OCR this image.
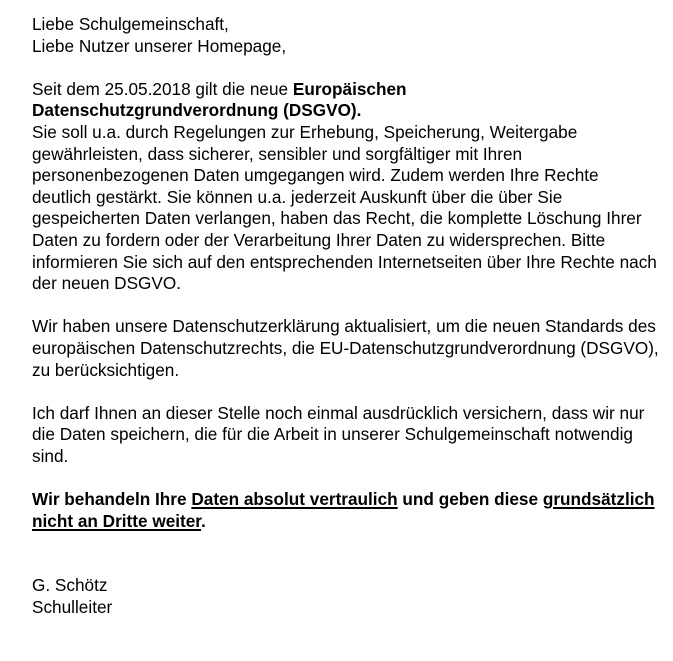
Liebe Schulgemeinschaft,

Liebe Nutzer unserer Homepage,

Seit dem 25.05.2018 gilt die neue Europäischen
Datenschutzgrundverordnung (DSGVO).

Sie soll u.a. durch Regelungen zur Erhebung, Speicherung, Weitergabe gewährleisten, dass sicherer, sensibler und sorgfältiger mit Ihren personenbezogenen Daten umgegangen wird. Zudem werden Ihre Rechte deutlich gestärkt. Sie können u.a. jederzeit Auskunft über die über Sie gespeicherten Daten verlangen, haben das Recht, die komplette Löschung Ihrer Daten zu fordern oder der Verarbeitung Ihrer Daten zu widersprechen. Bitte informieren Sie sich auf den entsprechenden Internetseiten über Ihre Rechte nach der neuen DSGVO.

Wir haben unsere Datenschutzerklärung aktualisiert, um die neuen Standards des europäischen Datenschutzrechts, die EU-Datenschutzgrundverordnung (DSGVO), zu berücksichtigen.

Ich darf Ihnen an dieser Stelle noch einmal ausdrücklich versichern, dass wir nur die Daten speichern, die für die Arbeit in unserer Schulgemeinschaft notwendig sind.

Wir behandeln Ihre Daten absolut vertraulich und geben diese grundsätzlich nicht an Dritte weiter.

G. Schötz

Schulleiter
